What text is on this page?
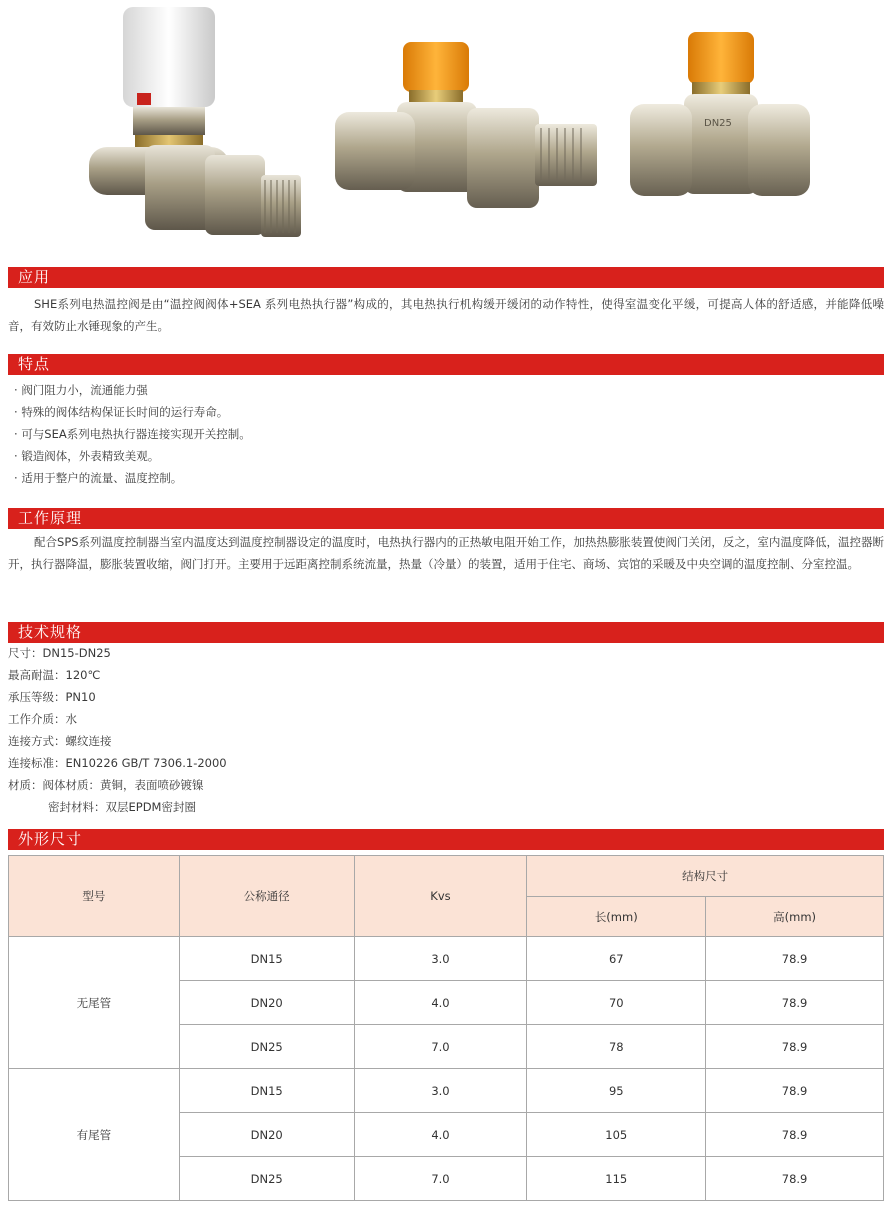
DN25
应用
SHE系列电热温控阀是由“温控阀阀体+SEA 系列电热执行器”构成的，其电热执行机构缓开缓闭的动作特性，使得室温变化平缓，可提高人体的舒适感，并能降低噪音，有效防止水锤现象的产生。
特点
· 阀门阻力小，流通能力强
· 特殊的阀体结构保证长时间的运行寿命。
· 可与SEA系列电热执行器连接实现开关控制。
· 锻造阀体，外表精致美观。
· 适用于整户的流量、温度控制。
工作原理
配合SPS系列温度控制器当室内温度达到温度控制器设定的温度时，电热执行器内的正热敏电阻开始工作，加热热膨胀装置使阀门关闭，反之，室内温度降低，温控器断开，执行器降温，膨胀装置收缩，阀门打开。主要用于远距离控制系统流量，热量（冷量）的装置，适用于住宅、商场、宾馆的采暖及中央空调的温度控制、分室控温。
技术规格
尺寸：DN15-DN25
最高耐温：120℃
承压等级：PN10
工作介质：水
连接方式：螺纹连接
连接标准：EN10226 GB/T 7306.1-2000
材质：阀体材质：黄铜，表面喷砂镀镍
密封材料：双层EPDM密封圈
外形尺寸
型号	公称通径	Kvs	结构尺寸	
			长(mm)	高(mm)
无尾管	DN15	3.0	67	78.9
	DN20	4.0	70	78.9
	DN25	7.0	78	78.9
有尾管	DN15	3.0	95	78.9
	DN20	4.0	105	78.9
	DN25	7.0	115	78.9
